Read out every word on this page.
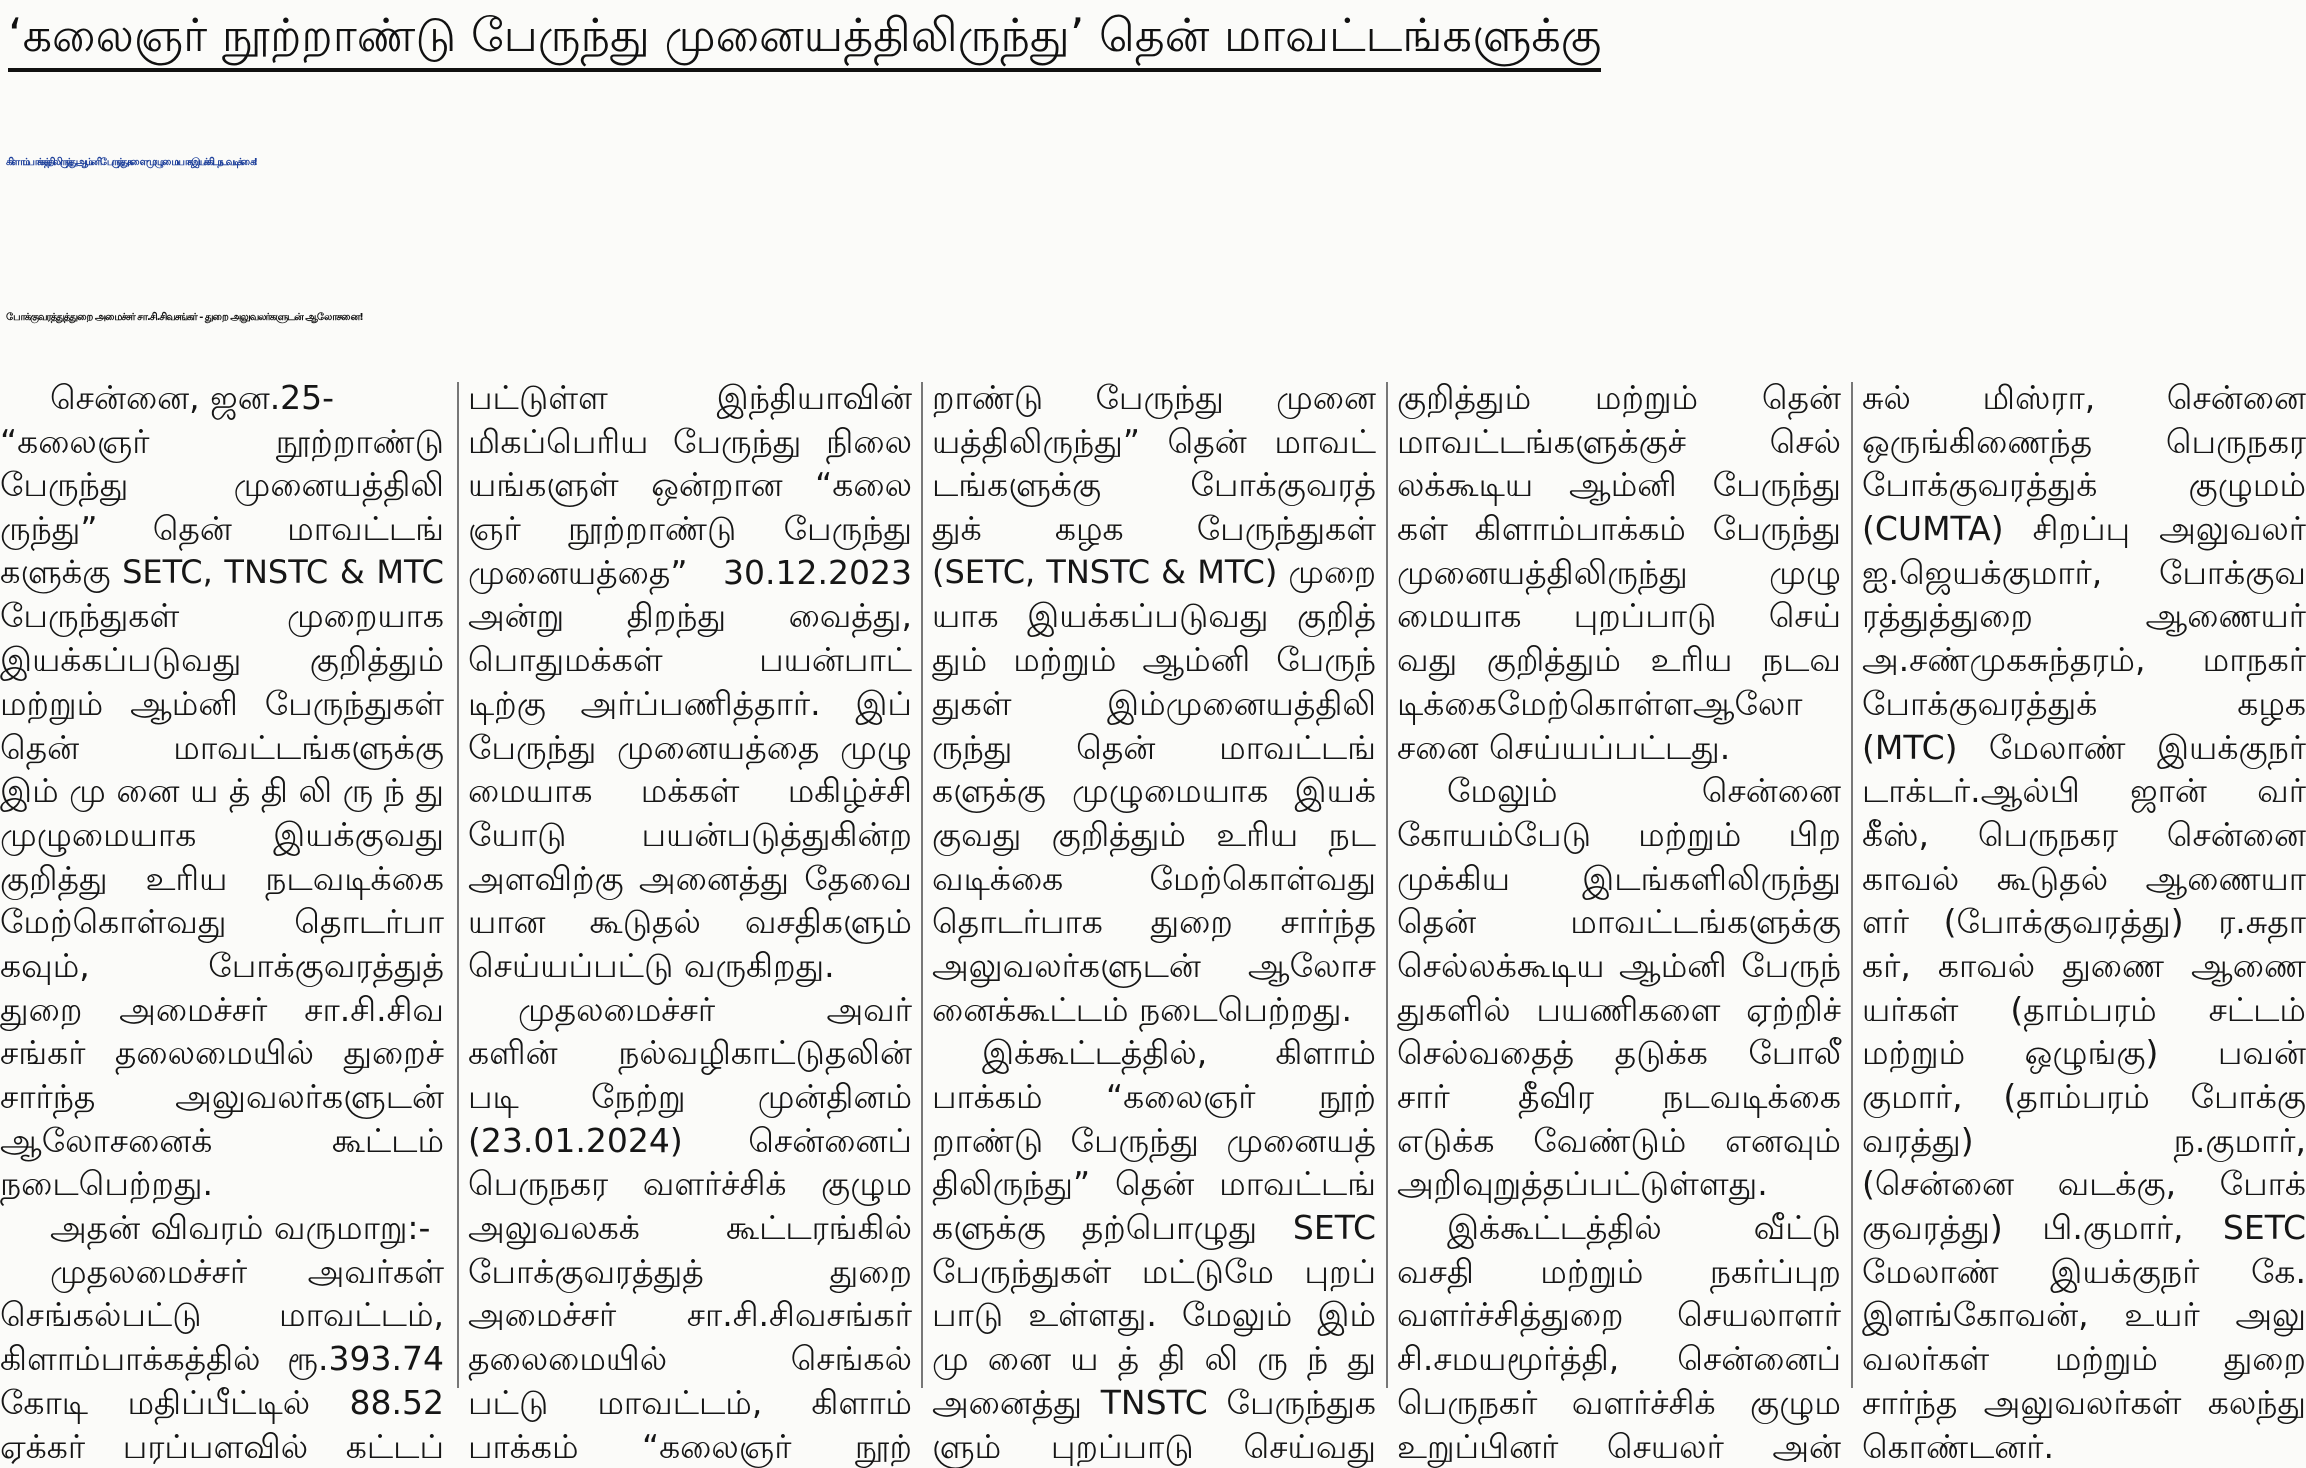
‘கலைஞர் நூற்றாண்டு பேருந்து முனையத்திலிருந்து’ தென் மாவட்டங்களுக்கு
கிளாம்பாக்கத்திலிருந்து ஆம்னி பேருந்துகளை முழுமையாக இயக்கிட நடவடிக்கை!
போக்குவரத்துத்துறை அமைச்சர் சா.சி.சிவசங்கர் - துறை அலுவலர்களுடன் ஆலோசனை!
சென்னை, ஜன.25-
“கலைஞர் நூற்றாண்டு
பேருந்து முனையத்திலி
ருந்து” தென் மாவட்டங்
களுக்கு SETC, TNSTC & MTC
பேருந்துகள் முறையாக
இயக்கப்படுவது குறித்தும்
மற்றும் ஆம்னி பேருந்துகள்
தென் மாவட்டங்களுக்கு
இம் மு னை ய த் தி லி ரு ந் து
முழுமையாக இயக்குவது
குறித்து உரிய நடவடிக்கை
மேற்கொள்வது தொடர்பா
கவும், போக்குவரத்துத்
துறை அமைச்சர் சா.சி.சிவ
சங்கர் தலைமையில் துறைச்
சார்ந்த அலுவலர்களுடன்
ஆலோசனைக் கூட்டம்
நடைபெற்றது.
அதன் விவரம் வருமாறு:-
முதலமைச்சர் அவர்கள்
செங்கல்பட்டு மாவட்டம்,
கிளாம்பாக்கத்தில் ரூ.393.74
கோடி மதிப்பீட்டில் 88.52
ஏக்கர் பரப்பளவில் கட்டப்
பட்டுள்ள இந்தியாவின்
மிகப்பெரிய பேருந்து நிலை
யங்களுள் ஒன்றான “கலை
ஞர் நூற்றாண்டு பேருந்து
முனையத்தை” 30.12.2023
அன்று திறந்து வைத்து,
பொதுமக்கள் பயன்பாட்
டிற்கு அர்ப்பணித்தார். இப்
பேருந்து முனையத்தை முழு
மையாக மக்கள் மகிழ்ச்சி
யோடு பயன்படுத்துகின்ற
அளவிற்கு அனைத்து தேவை
யான கூடுதல் வசதிகளும்
செய்யப்பட்டு வருகிறது.
முதலமைச்சர் அவர்
களின் நல்வழிகாட்டுதலின்
படி நேற்று முன்தினம்
(23.01.2024) சென்னைப்
பெருநகர வளர்ச்சிக் குழும
அலுவலகக் கூட்டரங்கில்
போக்குவரத்துத் துறை
அமைச்சர் சா.சி.சிவசங்கர்
தலைமையில் செங்கல்
பட்டு மாவட்டம், கிளாம்
பாக்கம் “கலைஞர் நூற்
றாண்டு பேருந்து முனை
யத்திலிருந்து” தென் மாவட்
டங்களுக்கு போக்குவரத்
துக் கழக பேருந்துகள்
(SETC, TNSTC & MTC) முறை
யாக இயக்கப்படுவது குறித்
தும் மற்றும் ஆம்னி பேருந்
துகள் இம்முனையத்திலி
ருந்து தென் மாவட்டங்
களுக்கு முழுமையாக இயக்
குவது குறித்தும் உரிய நட
வடிக்கை மேற்கொள்வது
தொடர்பாக துறை சார்ந்த
அலுவலர்களுடன் ஆலோச
னைக்கூட்டம் நடைபெற்றது.
இக்கூட்டத்தில், கிளாம்
பாக்கம் “கலைஞர் நூற்
றாண்டு பேருந்து முனையத்
திலிருந்து” தென் மாவட்டங்
களுக்கு தற்பொழுது SETC
பேருந்துகள் மட்டுமே புறப்
பாடு உள்ளது. மேலும் இம்
மு னை ய த் தி லி ரு ந் து
அனைத்து TNSTC பேருந்துக
ளும் புறப்பாடு செய்வது
குறித்தும் மற்றும் தென்
மாவட்டங்களுக்குச் செல்
லக்கூடிய ஆம்னி பேருந்து
கள் கிளாம்பாக்கம் பேருந்து
முனையத்திலிருந்து முழு
மையாக புறப்பாடு செய்
வது குறித்தும் உரிய நடவ
டிக்கைமேற்கொள்ளஆலோ
சனை செய்யப்பட்டது.
மேலும் சென்னை
கோயம்பேடு மற்றும் பிற
முக்கிய இடங்களிலிருந்து
தென் மாவட்டங்களுக்கு
செல்லக்கூடிய ஆம்னி பேருந்
துகளில் பயணிகளை ஏற்றிச்
செல்வதைத் தடுக்க போலீ
சார் தீவிர நடவடிக்கை
எடுக்க வேண்டும் எனவும்
அறிவுறுத்தப்பட்டுள்ளது.
இக்கூட்டத்தில் வீட்டு
வசதி மற்றும் நகர்ப்புற
வளர்ச்சித்துறை செயலாளர்
சி.சமயமூர்த்தி, சென்னைப்
பெருநகர் வளர்ச்சிக் குழும
உறுப்பினர் செயலர் அன்
சுல் மிஸ்ரா, சென்னை
ஒருங்கிணைந்த பெருநகர
போக்குவரத்துக் குழுமம்
(CUMTA) சிறப்பு அலுவலர்
ஐ.ஜெயக்குமார், போக்குவ
ரத்துத்துறை ஆணையர்
அ.சண்முகசுந்தரம், மாநகர்
போக்குவரத்துக் கழக
(MTC) மேலாண் இயக்குநர்
டாக்டர்.ஆல்பி ஜான் வர்
கீஸ், பெருநகர சென்னை
காவல் கூடுதல் ஆணையா
ளர் (போக்குவரத்து) ர.சுதா
கர், காவல் துணை ஆணை
யர்கள் (தாம்பரம் சட்டம்
மற்றும் ஒழுங்கு) பவன்
குமார், (தாம்பரம் போக்கு
வரத்து) ந.குமார்,
(சென்னை வடக்கு, போக்
குவரத்து) பி.குமார், SETC
மேலாண் இயக்குநர் கே.
இளங்கோவன், உயர் அலு
வலர்கள் மற்றும் துறை
சார்ந்த அலுவலர்கள் கலந்து
கொண்டனர்.
